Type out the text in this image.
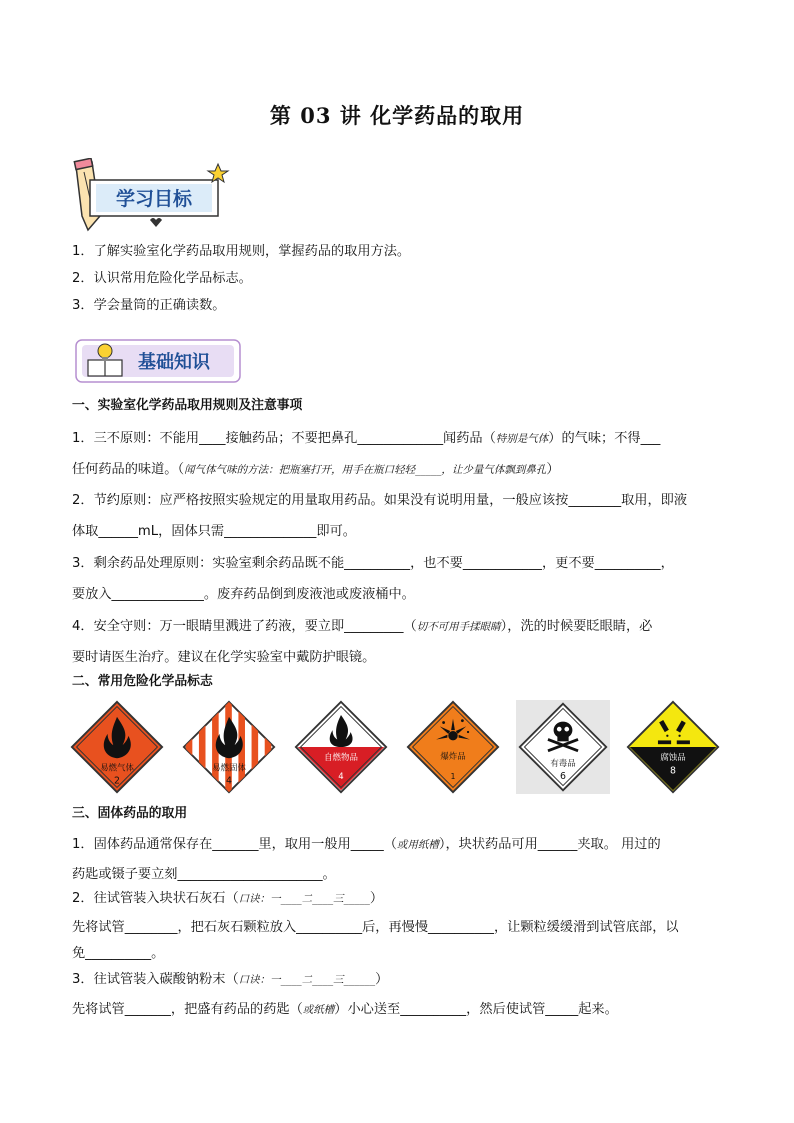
第 03 讲 化学药品的取用
学习目标
1．了解实验室化学药品取用规则，掌握药品的取用方法。
2．认识常用危险化学品标志。
3．学会量筒的正确读数。
基础知识
一、实验室化学药品取用规则及注意事项
1．三不原则：不能用____接触药品；不要把鼻孔_____________闻药品（特别是气体）的气味；不得___
任何药品的味道。（闻气体气味的方法：把瓶塞打开，用手在瓶口轻轻_____，让少量气体飘到鼻孔）
2．节约原则：应严格按照实验规定的用量取用药品。如果没有说明用量，一般应该按________取用，即液
体取______mL，固体只需______________即可。
3．剩余药品处理原则：实验室剩余药品既不能__________，也不要____________，更不要__________，
要放入______________。废弃药品倒到废液池或废液桶中。
4．安全守则：万一眼睛里溅进了药液，要立即_________（切不可用手揉眼睛），洗的时候要眨眼睛，必
要时请医生治疗。建议在化学实验室中戴防护眼镜。
二、常用危险化学品标志
易燃气体
2
易燃固体
4
自燃物品
4
爆炸品
1
有毒品
6
腐蚀品
8
三、固体药品的取用
1．固体药品通常保存在_______里，取用一般用_____（或用纸槽），块状药品可用______夹取。 用过的
药匙或镊子要立刻______________________。
2．往试管装入块状石灰石（口诀：一____二____三_____）
先将试管________，把石灰石颗粒放入__________后，再慢慢__________，让颗粒缓缓滑到试管底部，以
免__________。
3．往试管装入碳酸钠粉末（口诀：一____二____三______）
先将试管_______，把盛有药品的药匙（或纸槽）小心送至__________，然后使试管_____起来。
